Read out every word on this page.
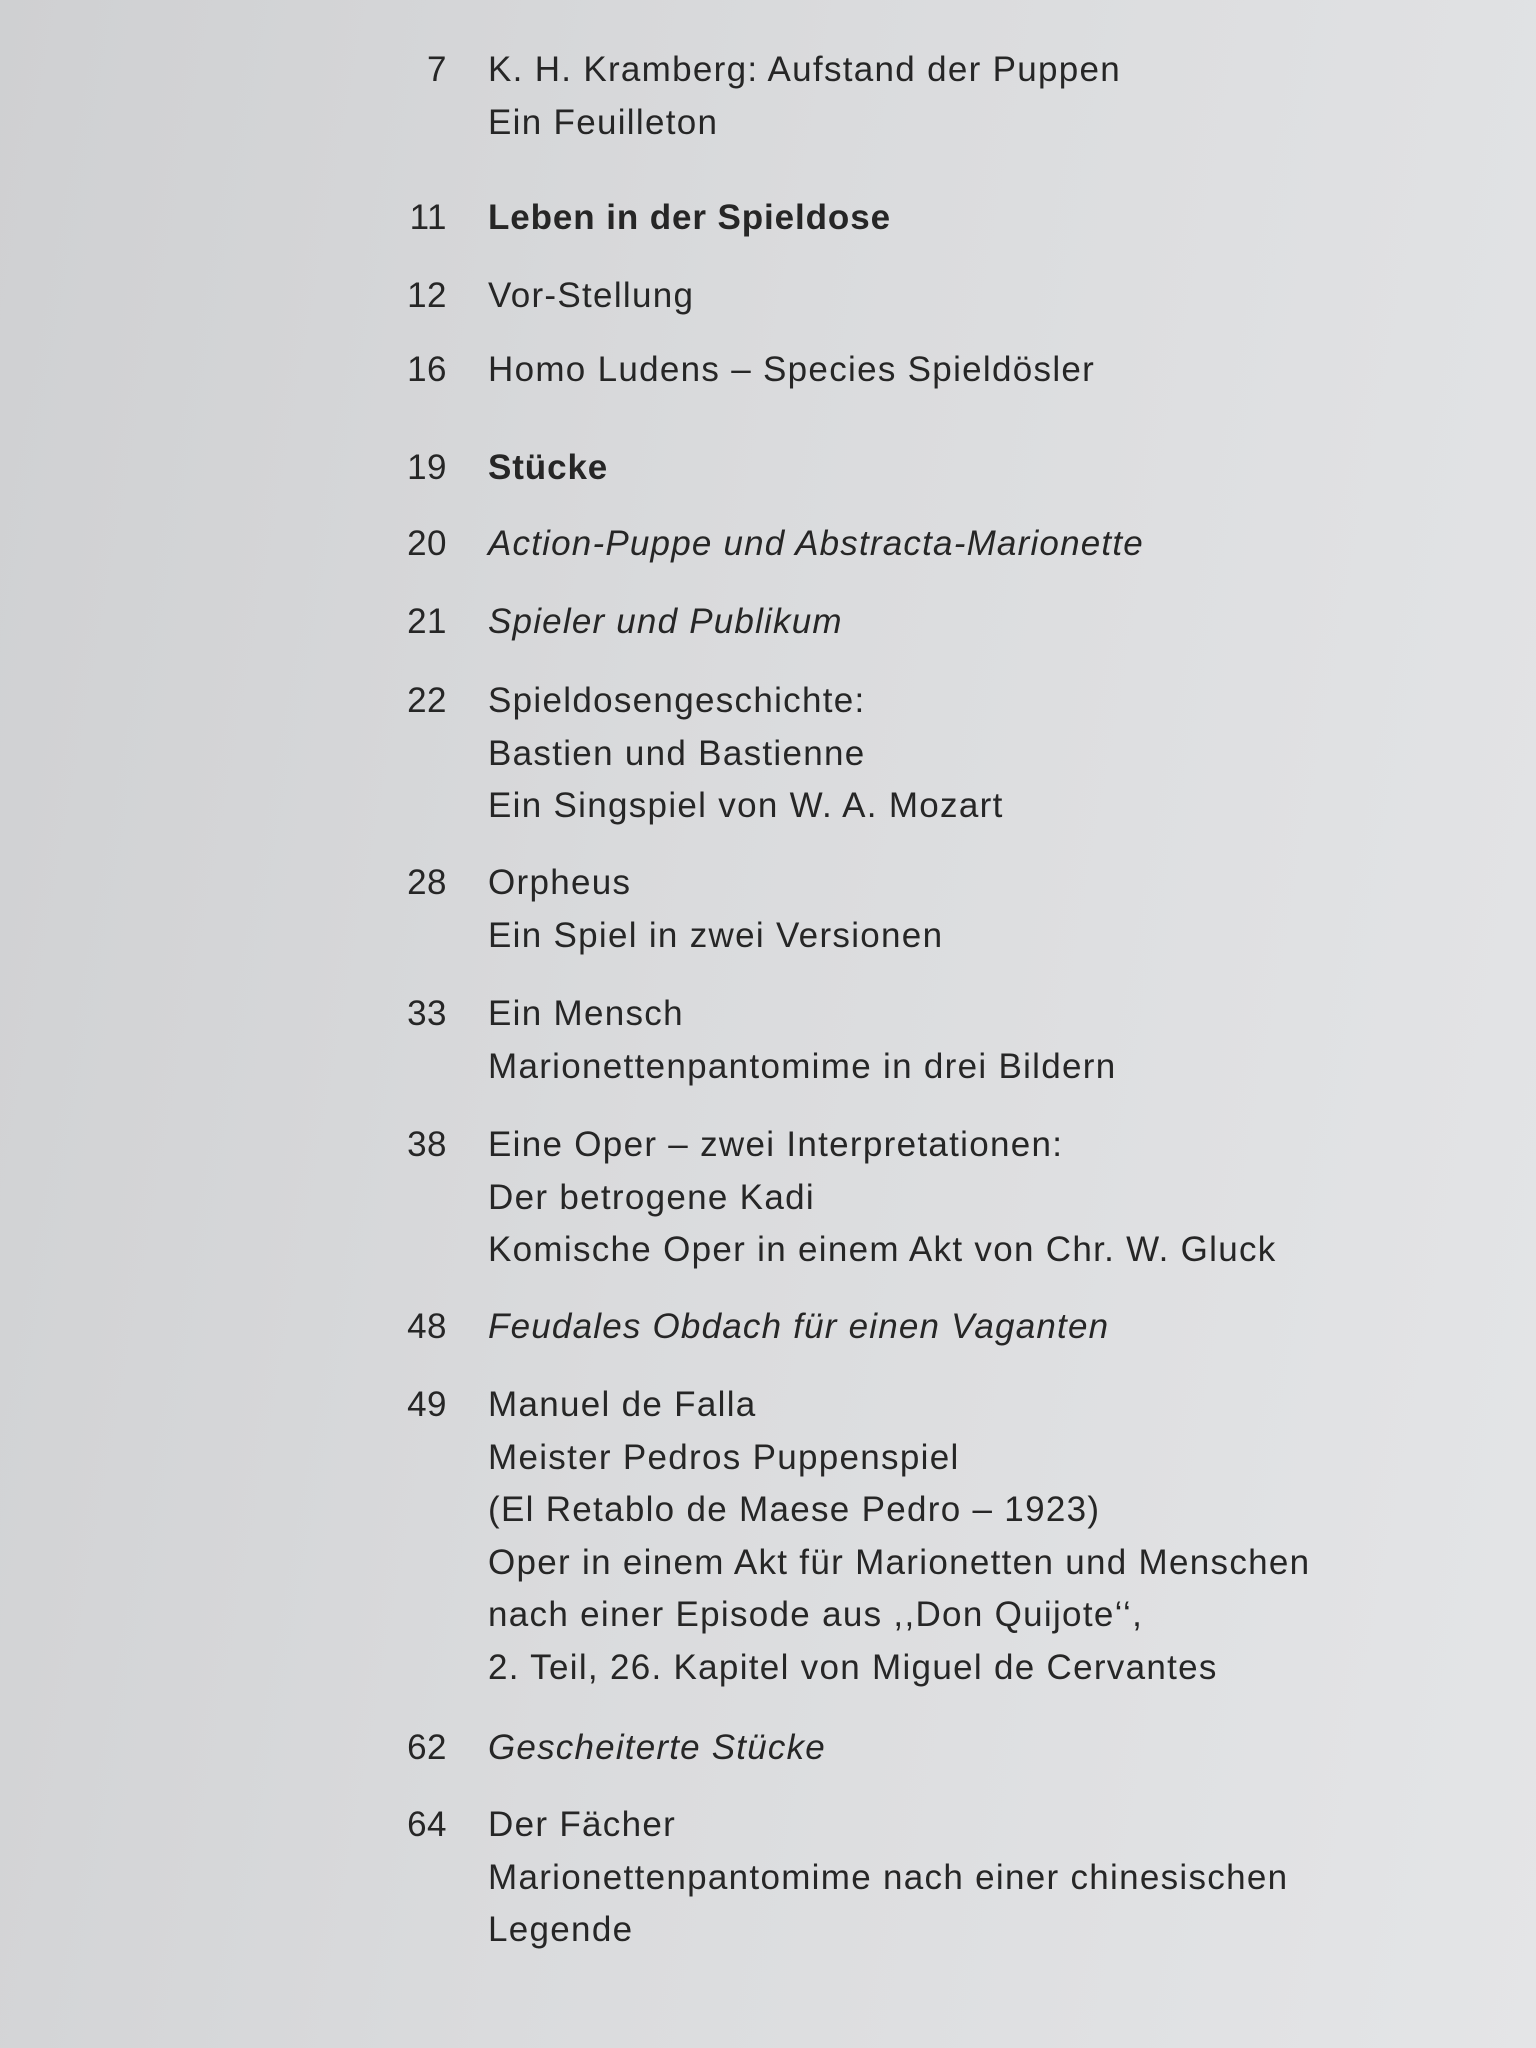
7 K. H. Kramberg: Aufstand der Puppen
Ein Feuilleton
11 Leben in der Spieldose
12 Vor-Stellung
16 Homo Ludens – Species Spieldösler
19 Stücke
20 Action-Puppe und Abstracta-Marionette
21 Spieler und Publikum
22 Spieldosengeschichte:
Bastien und Bastienne
Ein Singspiel von W. A. Mozart
28 Orpheus
Ein Spiel in zwei Versionen
33 Ein Mensch
Marionettenpantomime in drei Bildern
38 Eine Oper – zwei Interpretationen:
Der betrogene Kadi
Komische Oper in einem Akt von Chr. W. Gluck
48 Feudales Obdach für einen Vaganten
49 Manuel de Falla
Meister Pedros Puppenspiel
(El Retablo de Maese Pedro – 1923)
Oper in einem Akt für Marionetten und Menschen
nach einer Episode aus ,,Don Quijote‘‘,
2. Teil, 26. Kapitel von Miguel de Cervantes
62 Gescheiterte Stücke
64 Der Fächer
Marionettenpantomime nach einer chinesischen
Legende
